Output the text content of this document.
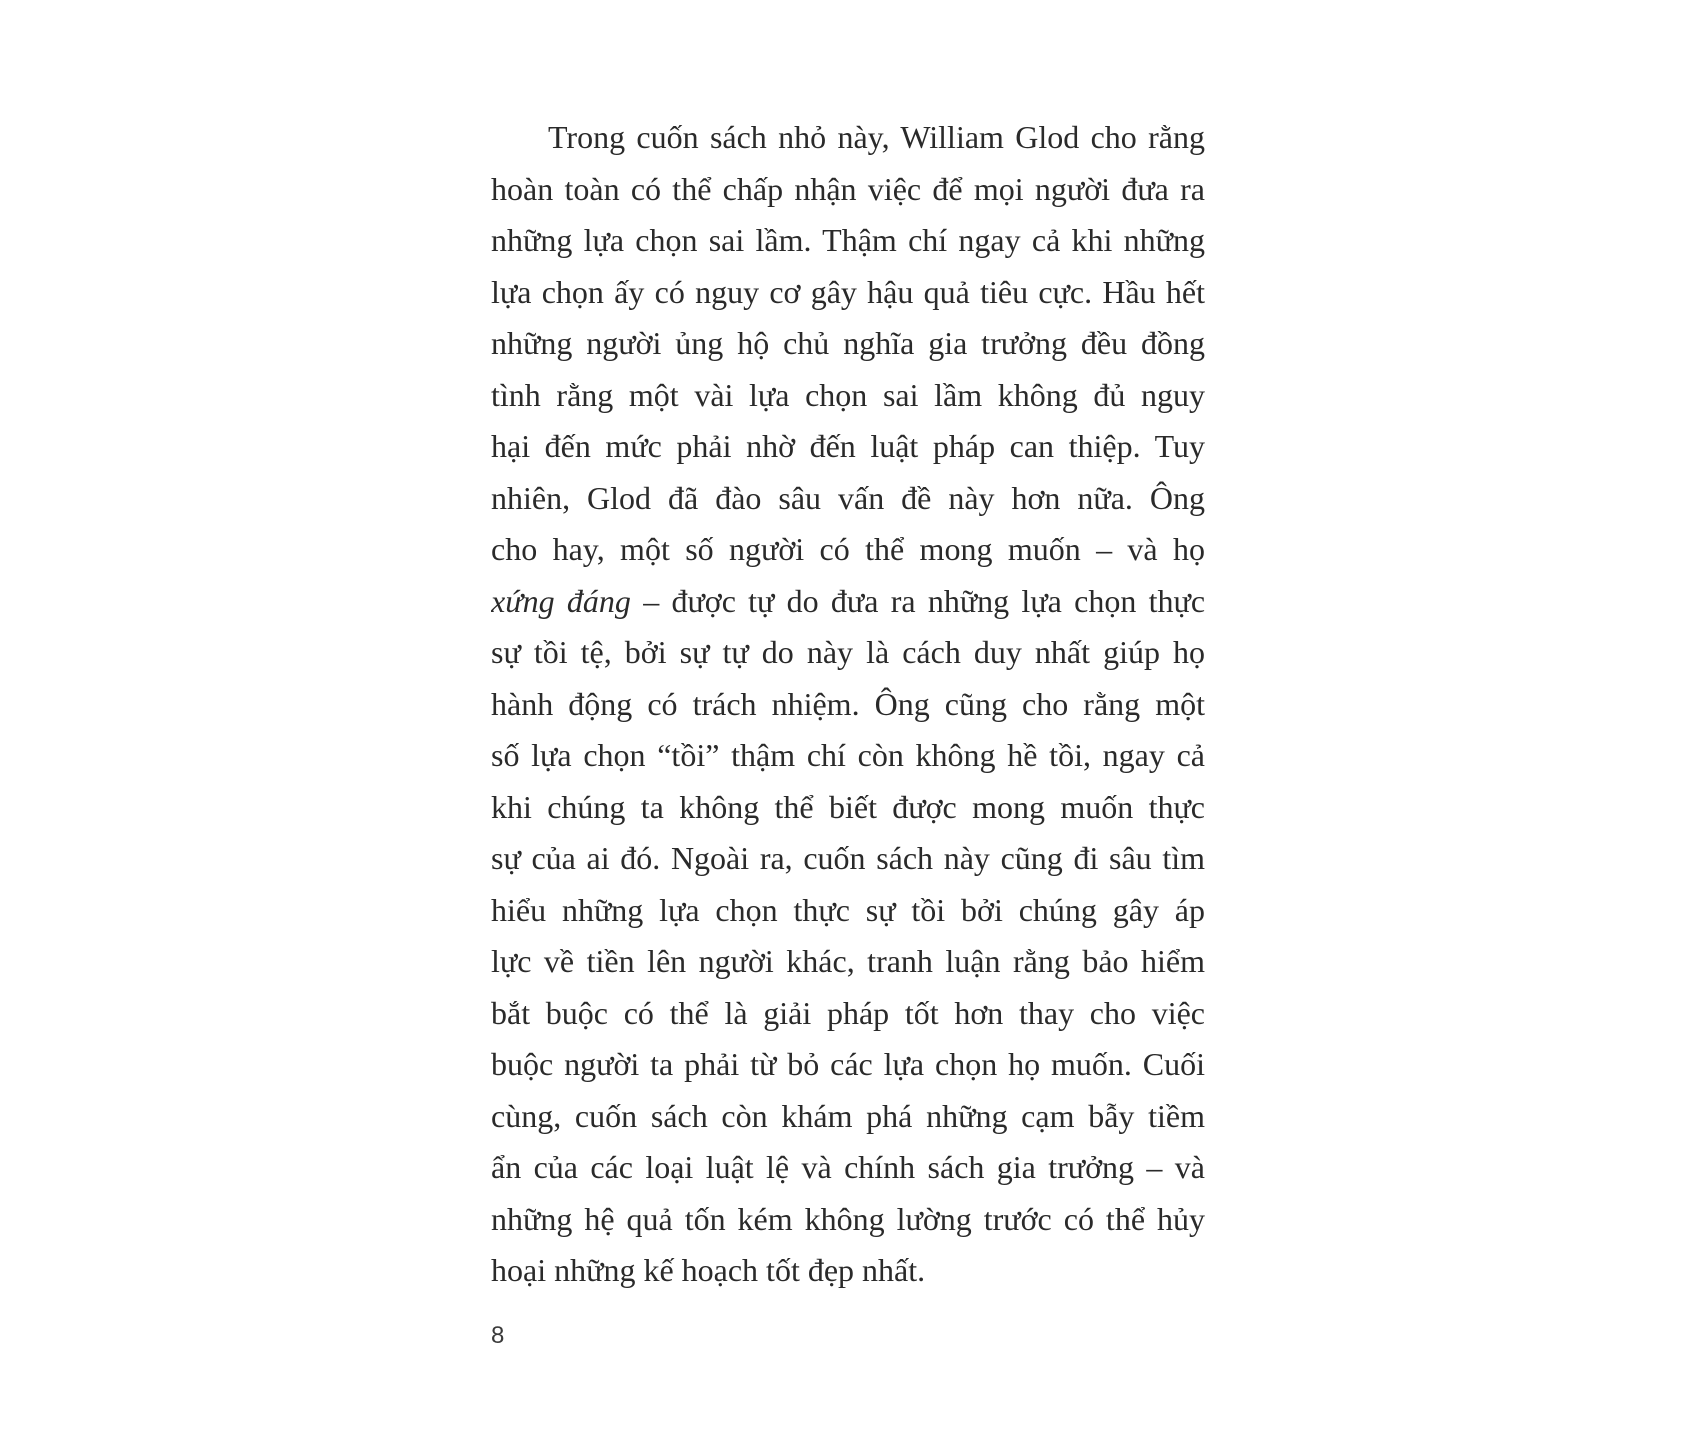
Trong cuốn sách nhỏ này, William Glod cho rằng
hoàn toàn có thể chấp nhận việc để mọi người đưa ra
những lựa chọn sai lầm. Thậm chí ngay cả khi những
lựa chọn ấy có nguy cơ gây hậu quả tiêu cực. Hầu hết
những người ủng hộ chủ nghĩa gia trưởng đều đồng
tình rằng một vài lựa chọn sai lầm không đủ nguy
hại đến mức phải nhờ đến luật pháp can thiệp. Tuy
nhiên, Glod đã đào sâu vấn đề này hơn nữa. Ông
cho hay, một số người có thể mong muốn – và họ
xứng đáng – được tự do đưa ra những lựa chọn thực
sự tồi tệ, bởi sự tự do này là cách duy nhất giúp họ
hành động có trách nhiệm. Ông cũng cho rằng một
số lựa chọn “tồi” thậm chí còn không hề tồi, ngay cả
khi chúng ta không thể biết được mong muốn thực
sự của ai đó. Ngoài ra, cuốn sách này cũng đi sâu tìm
hiểu những lựa chọn thực sự tồi bởi chúng gây áp
lực về tiền lên người khác, tranh luận rằng bảo hiểm
bắt buộc có thể là giải pháp tốt hơn thay cho việc
buộc người ta phải từ bỏ các lựa chọn họ muốn. Cuối
cùng, cuốn sách còn khám phá những cạm bẫy tiềm
ẩn của các loại luật lệ và chính sách gia trưởng – và
những hệ quả tốn kém không lường trước có thể hủy
hoại những kế hoạch tốt đẹp nhất.
8
